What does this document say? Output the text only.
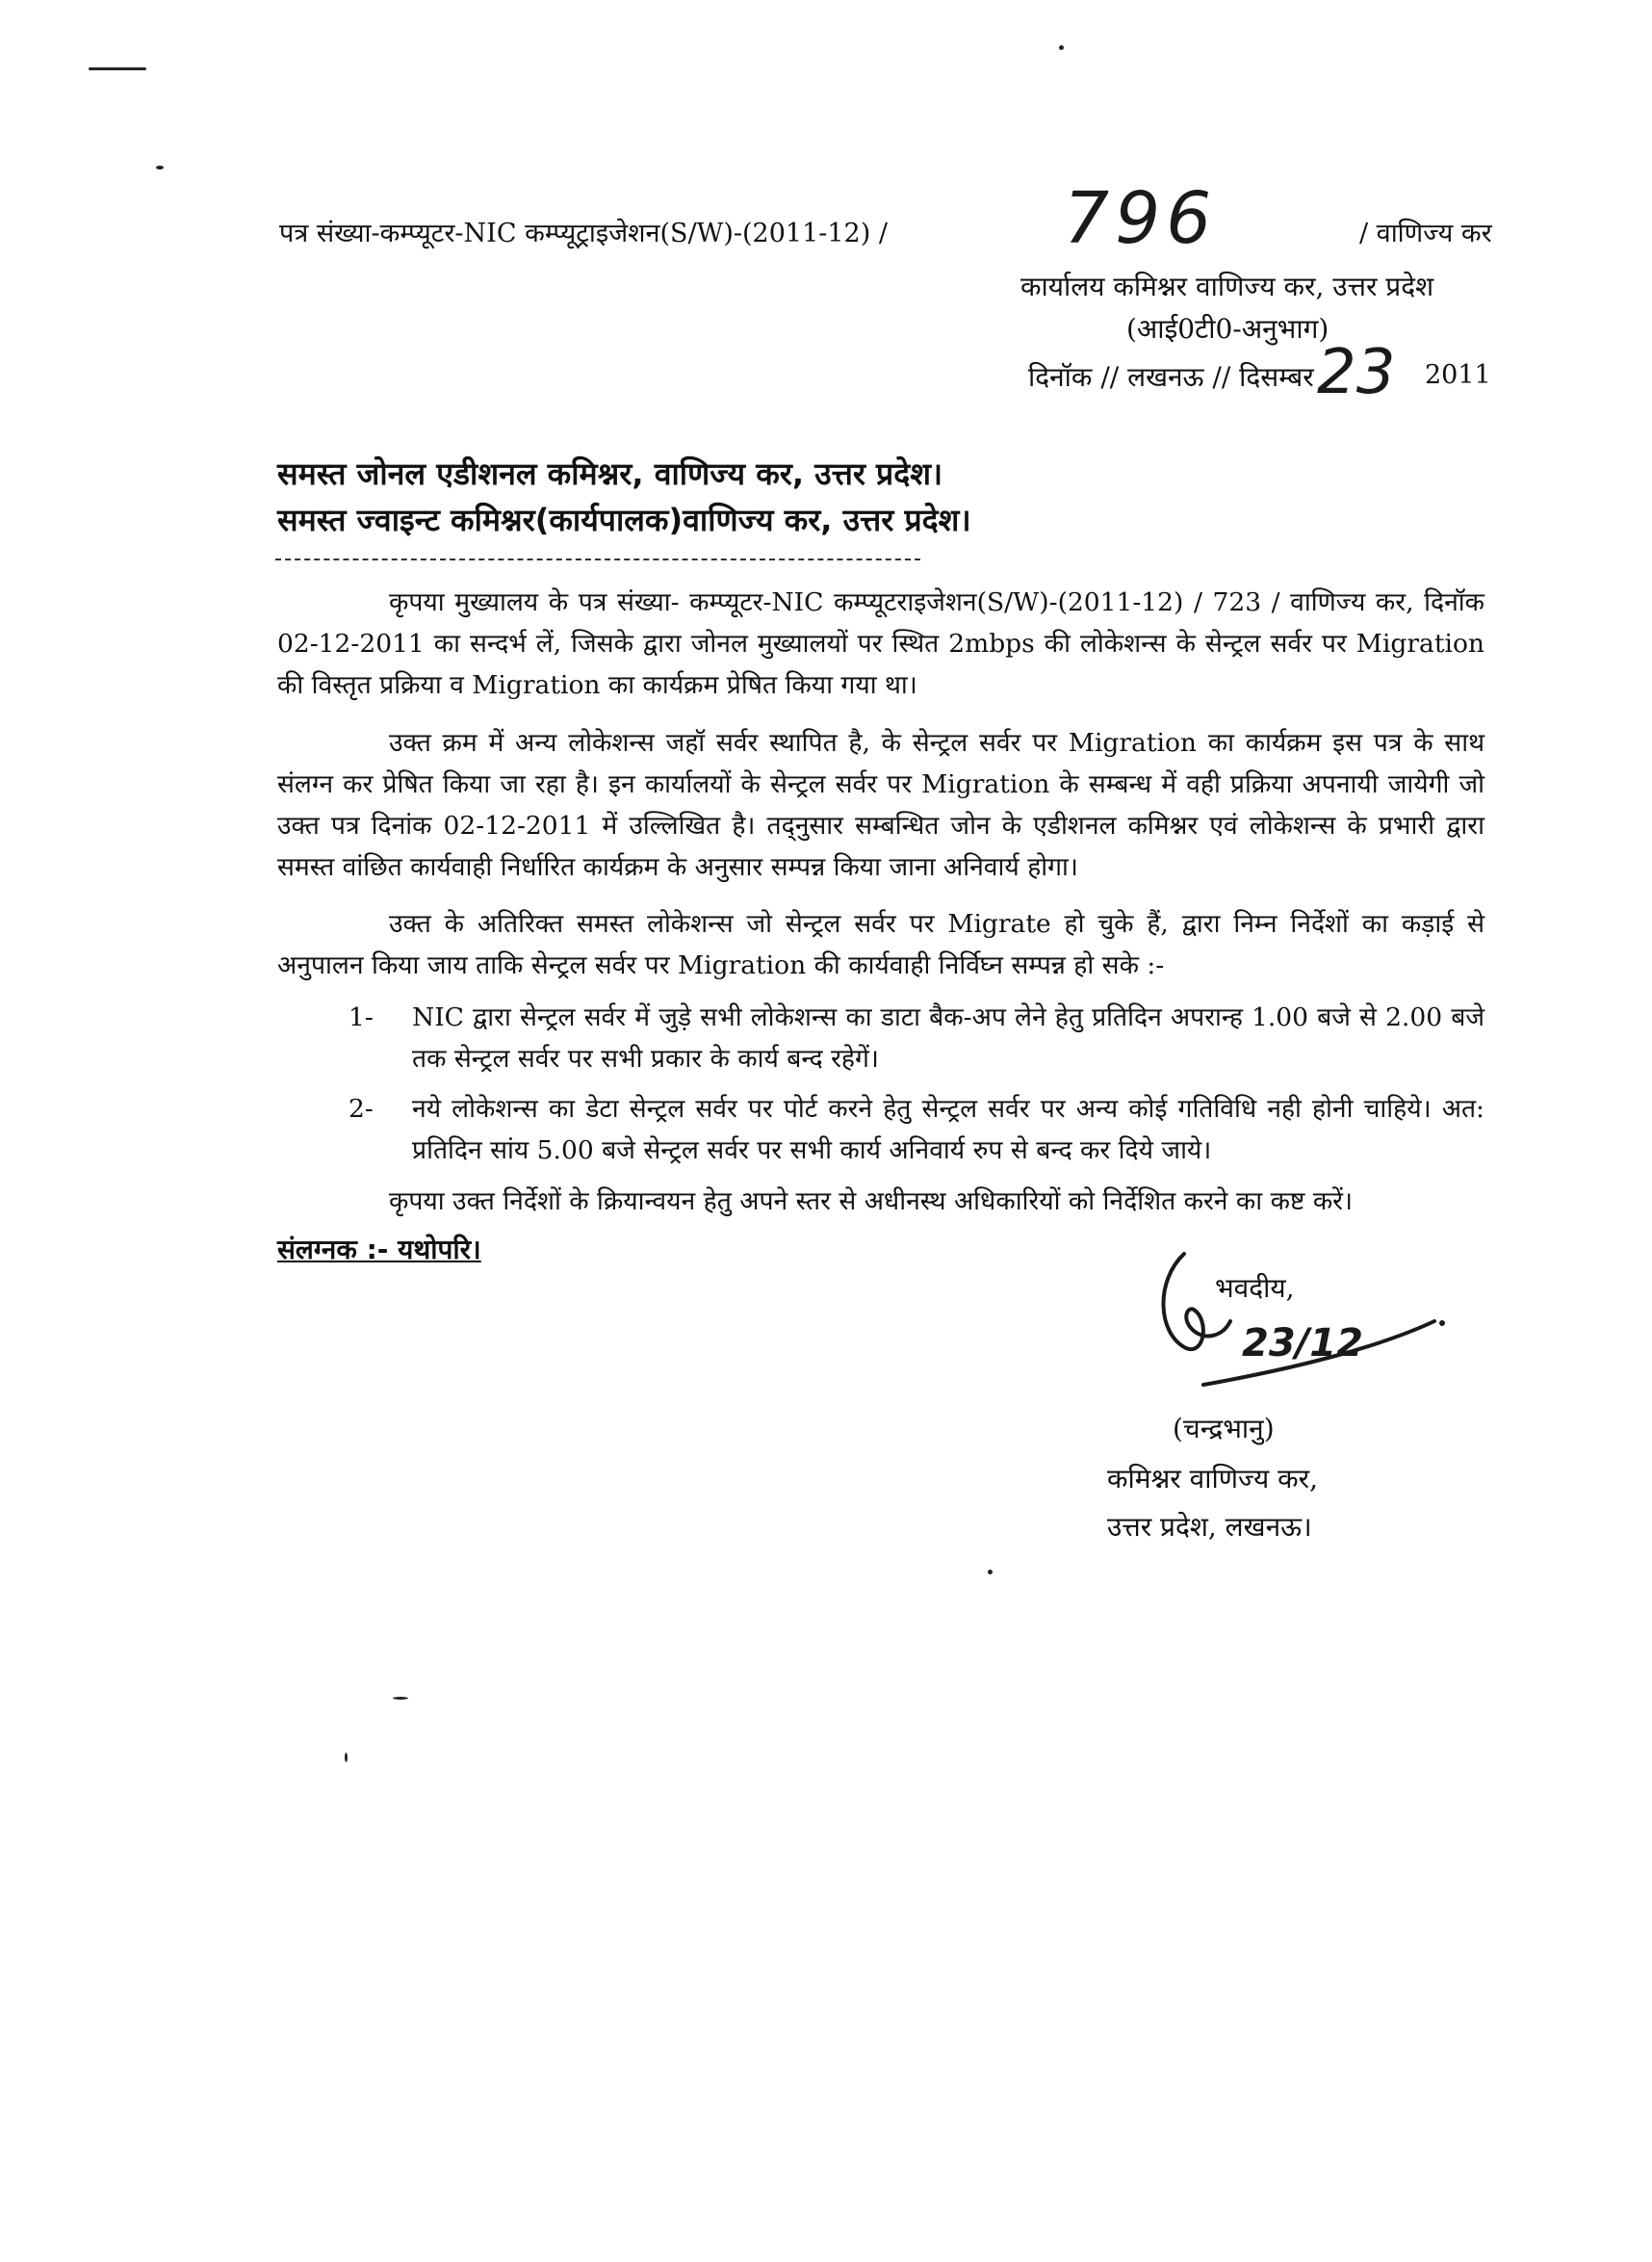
पत्र संख्या-कम्प्यूटर-NIC कम्प्यूट्राइजेशन(S/W)-(2011-12) / 796	/ वाणिज्य कर
कार्यालय कमिश्नर वाणिज्य कर, उत्तर प्रदेश
(आई0टी0-अनुभाग)
दिनॉक // लखनऊ // दिसम्बर 23 2011
समस्त जोनल एडीशनल कमिश्नर, वाणिज्य कर, उत्तर प्रदेश।
समस्त ज्वाइन्ट कमिश्नर(कार्यपालक)वाणिज्य कर, उत्तर प्रदेश।
कृपया मुख्यालय के पत्र संख्या- कम्प्यूटर-NIC कम्प्यूटराइजेशन(S/W)-(2011-12) / 723 / वाणिज्य कर, दिनॉक 02-12-2011 का सन्दर्भ लें, जिसके द्वारा जोनल मुख्यालयों पर स्थित 2mbps की लोकेशन्स के सेन्ट्रल सर्वर पर Migration की विस्तृत प्रक्रिया व Migration का कार्यक्रम प्रेषित किया गया था।
उक्त क्रम में अन्य लोकेशन्स जहॉ सर्वर स्थापित है, के सेन्ट्रल सर्वर पर Migration का कार्यक्रम इस पत्र के साथ संलग्न कर प्रेषित किया जा रहा है। इन कार्यालयों के सेन्ट्रल सर्वर पर Migration के सम्बन्ध में वही प्रक्रिया अपनायी जायेगी जो उक्त पत्र दिनांक 02-12-2011 में उल्लिखित है। तद्नुसार सम्बन्धित जोन के एडीशनल कमिश्नर एवं लोकेशन्स के प्रभारी द्वारा समस्त वांछित कार्यवाही निर्धारित कार्यक्रम के अनुसार सम्पन्न किया जाना अनिवार्य होगा।
उक्त के अतिरिक्त समस्त लोकेशन्स जो सेन्ट्रल सर्वर पर Migrate हो चुके हैं, द्वारा निम्न निर्देशों का कड़ाई से अनुपालन किया जाय ताकि सेन्ट्रल सर्वर पर Migration की कार्यवाही निर्विघ्न सम्पन्न हो सके :-
1- NIC द्वारा सेन्ट्रल सर्वर में जुड़े सभी लोकेशन्स का डाटा बैक-अप लेने हेतु प्रतिदिन अपरान्ह 1.00 बजे से 2.00 बजे तक सेन्ट्रल सर्वर पर सभी प्रकार के कार्य बन्द रहेगें।
2- नये लोकेशन्स का डेटा सेन्ट्रल सर्वर पर पोर्ट करने हेतु सेन्ट्रल सर्वर पर अन्य कोई गतिविधि नही होनी चाहिये। अत: प्रतिदिन सांय 5.00 बजे सेन्ट्रल सर्वर पर सभी कार्य अनिवार्य रुप से बन्द कर दिये जाये।
कृपया उक्त निर्देशों के क्रियान्वयन हेतु अपने स्तर से अधीनस्थ अधिकारियों को निर्देशित करने का कष्ट करें।
संलग्नक :- यथोपरि।
भवदीय,
23/12
(चन्द्रभानु)
कमिश्नर वाणिज्य कर,
उत्तर प्रदेश, लखनऊ।
